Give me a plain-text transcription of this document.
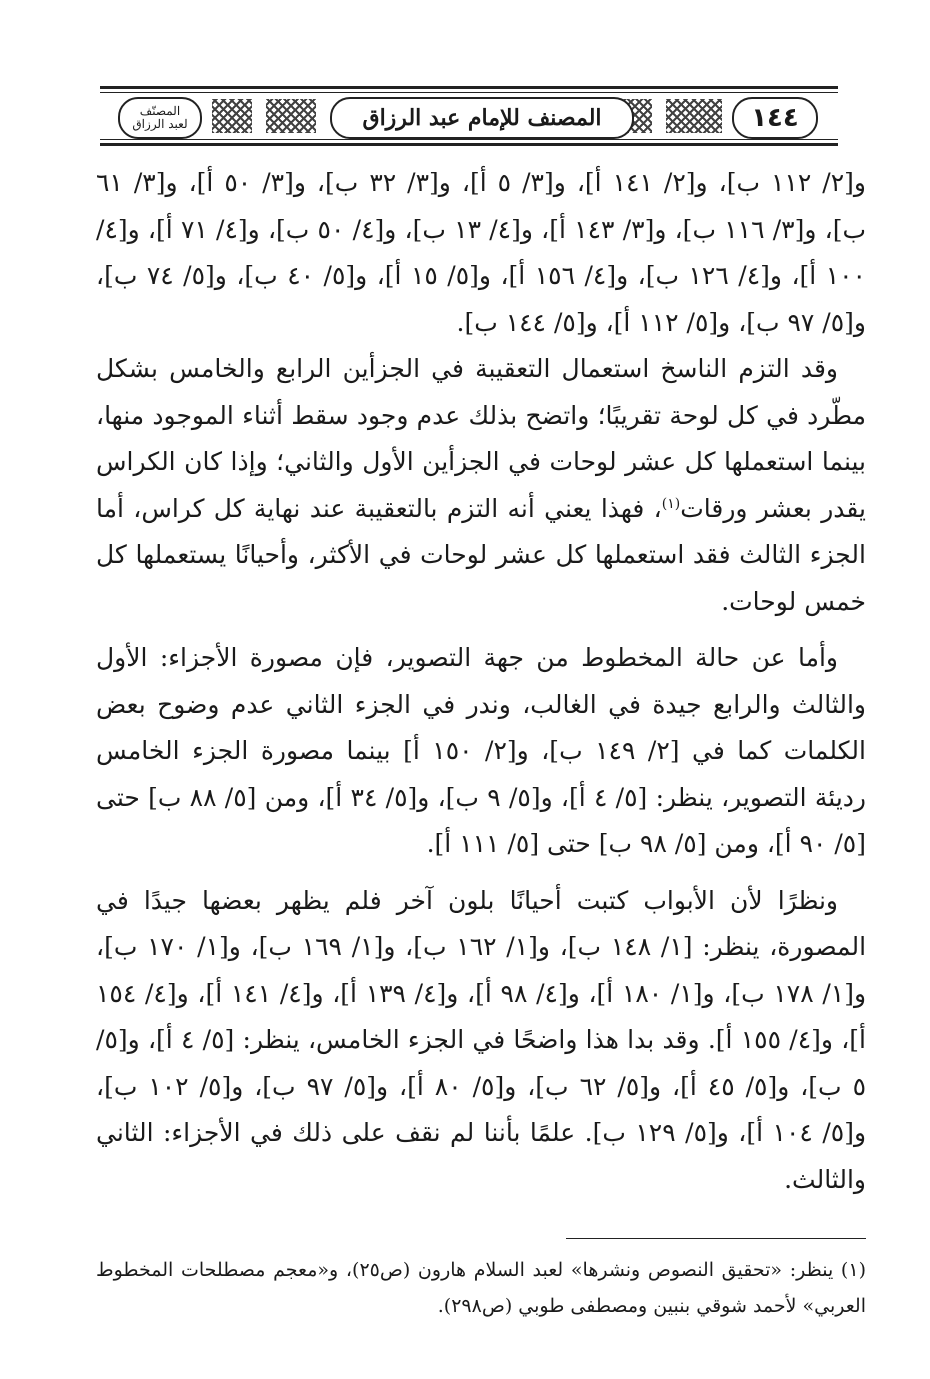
المصنّف
لعبد الرزاق	المصنف للإمام عبد الرزاق	١٤٤

و[٢/ ١١٢ ب]، و[٢/ ١٤١ أ]، و[٣/ ٥ أ]، و[٣/ ٣٢ ب]، و[٣/ ٥٠ أ]، و[٣/ ٦١ ب]، و[٣/ ١١٦ ب]، و[٣/ ١٤٣ أ]، و[٤/ ١٣ ب]، و[٤/ ٥٠ ب]، و[٤/ ٧١ أ]، و[٤/ ١٠٠ أ]، و[٤/ ١٢٦ ب]، و[٤/ ١٥٦ أ]، و[٥/ ١٥ أ]، و[٥/ ٤٠ ب]، و[٥/ ٧٤ ب]، و[٥/ ٩٧ ب]، و[٥/ ١١٢ أ]، و[٥/ ١٤٤ ب].

وقد التزم الناسخ استعمال التعقيبة في الجزأين الرابع والخامس بشكل مطّرد في كل لوحة تقريبًا؛ واتضح بذلك عدم وجود سقط أثناء الموجود منها، بينما استعملها كل عشر لوحات في الجزأين الأول والثاني؛ وإذا كان الكراس يقدر بعشر ورقات$^{(١)}$، فهذا يعني أنه التزم بالتعقيبة عند نهاية كل كراس، أما الجزء الثالث فقد استعملها كل عشر لوحات في الأكثر، وأحيانًا يستعملها كل خمس لوحات.

وأما عن حالة المخطوط من جهة التصوير، فإن مصورة الأجزاء: الأول والثالث والرابع جيدة في الغالب، وندر في الجزء الثاني عدم وضوح بعض الكلمات كما في [٢/ ١٤٩ ب]، و[٢/ ١٥٠ أ] بينما مصورة الجزء الخامس رديئة التصوير، ينظر: [٥/ ٤ أ]، و[٥/ ٩ ب]، و[٥/ ٣٤ أ]، ومن [٥/ ٨٨ ب] حتى [٥/ ٩٠ أ]، ومن [٥/ ٩٨ ب] حتى [٥/ ١١١ أ].

ونظرًا لأن الأبواب كتبت أحيانًا بلون آخر فلم يظهر بعضها جيدًا في المصورة، ينظر: [١/ ١٤٨ ب]، و[١/ ١٦٢ ب]، و[١/ ١٦٩ ب]، و[١/ ١٧٠ ب]، و[١/ ١٧٨ ب]، و[١/ ١٨٠ أ]، و[٤/ ٩٨ أ]، و[٤/ ١٣٩ أ]، و[٤/ ١٤١ أ]، و[٤/ ١٥٤ أ]، و[٤/ ١٥٥ أ]. وقد بدا هذا واضحًا في الجزء الخامس، ينظر: [٥/ ٤ أ]، و[٥/ ٥ ب]، و[٥/ ٤٥ أ]، و[٥/ ٦٢ ب]، و[٥/ ٨٠ أ]، و[٥/ ٩٧ ب]، و[٥/ ١٠٢ ب]، و[٥/ ١٠٤ أ]، و[٥/ ١٢٩ ب]. علمًا بأننا لم نقف على ذلك في الأجزاء: الثاني والثالث.

(١) ينظر: «تحقيق النصوص ونشرها» لعبد السلام هارون (ص٢٥)، و«معجم مصطلحات المخطوط العربي» لأحمد شوقي بنبين ومصطفى طوبي (ص٢٩٨).
